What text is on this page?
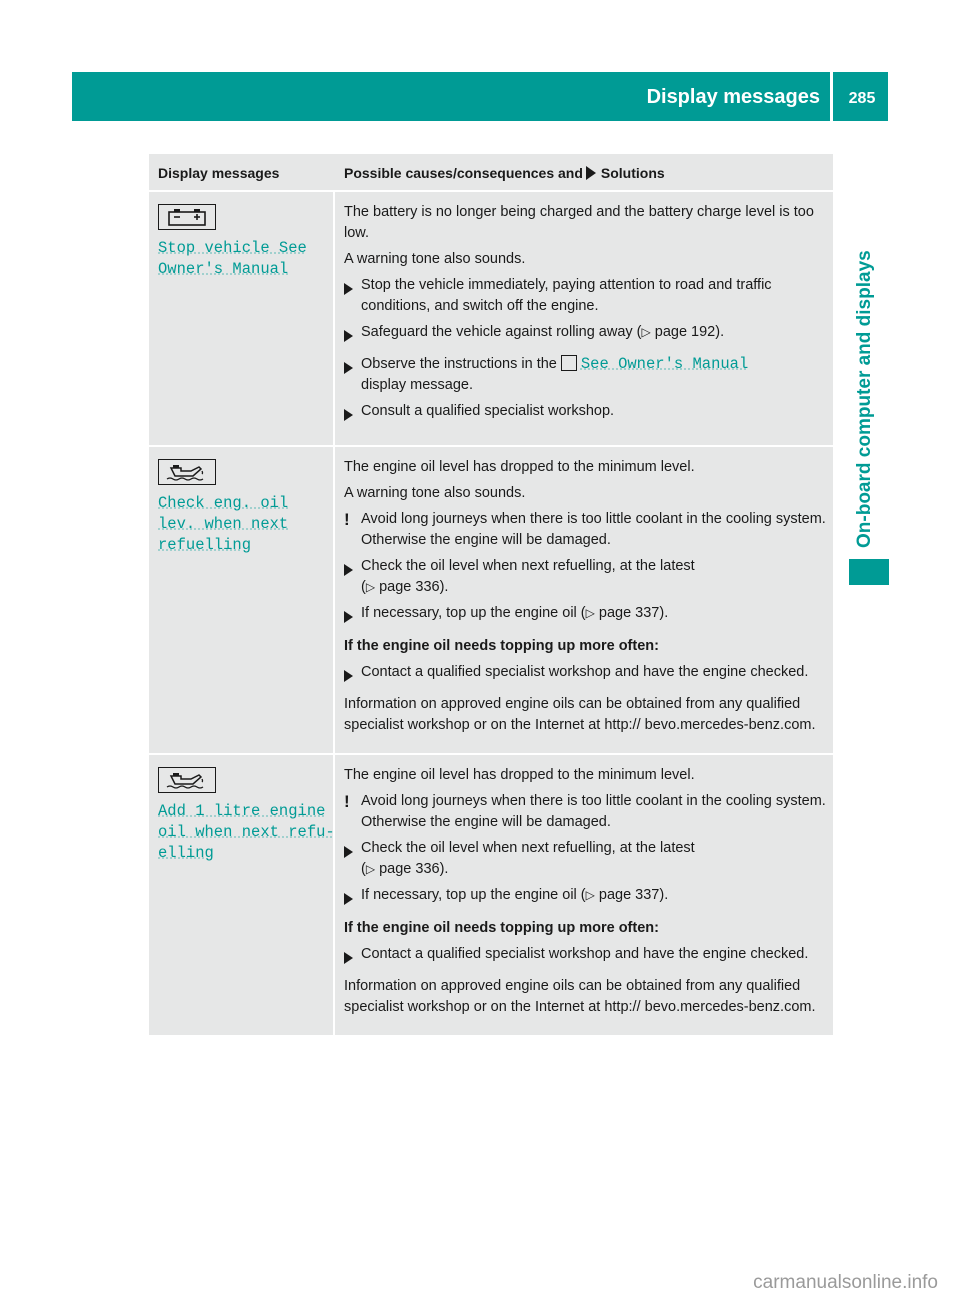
Display messages	285
On-board computer and displays
Display messages	Possible causes/consequences and Solutions
Stop vehicle See
Owner's Manual

The battery is no longer being charged and the battery charge level is too low.

A warning tone also sounds.

Stop the vehicle immediately, paying attention to road and traffic conditions, and switch off the engine.
Safeguard the vehicle against rolling away (▷ page 192).
Observe the instructions in the See Owner's Manual
display message.
Consult a qualified specialist workshop.
Check eng. oil
lev. when next
refuelling

The engine oil level has dropped to the minimum level.

A warning tone also sounds.

! Avoid long journeys when there is too little coolant in the cooling system. Otherwise the engine will be damaged.
Check the oil level when next refuelling, at the latest
(▷ page 336).
If necessary, top up the engine oil (▷ page 337).

If the engine oil needs topping up more often:

Contact a qualified specialist workshop and have the engine checked.

Information on approved engine oils can be obtained from any qualified specialist workshop or on the Internet at http:// bevo.mercedes-benz.com.

Add 1 litre engine
oil when next refu‐
elling

The engine oil level has dropped to the minimum level.

! Avoid long journeys when there is too little coolant in the cooling system. Otherwise the engine will be damaged.
Check the oil level when next refuelling, at the latest
(▷ page 336).
If necessary, top up the engine oil (▷ page 337).

If the engine oil needs topping up more often:

Contact a qualified specialist workshop and have the engine checked.

Information on approved engine oils can be obtained from any qualified specialist workshop or on the Internet at http:// bevo.mercedes-benz.com.

carmanualsonline.info
